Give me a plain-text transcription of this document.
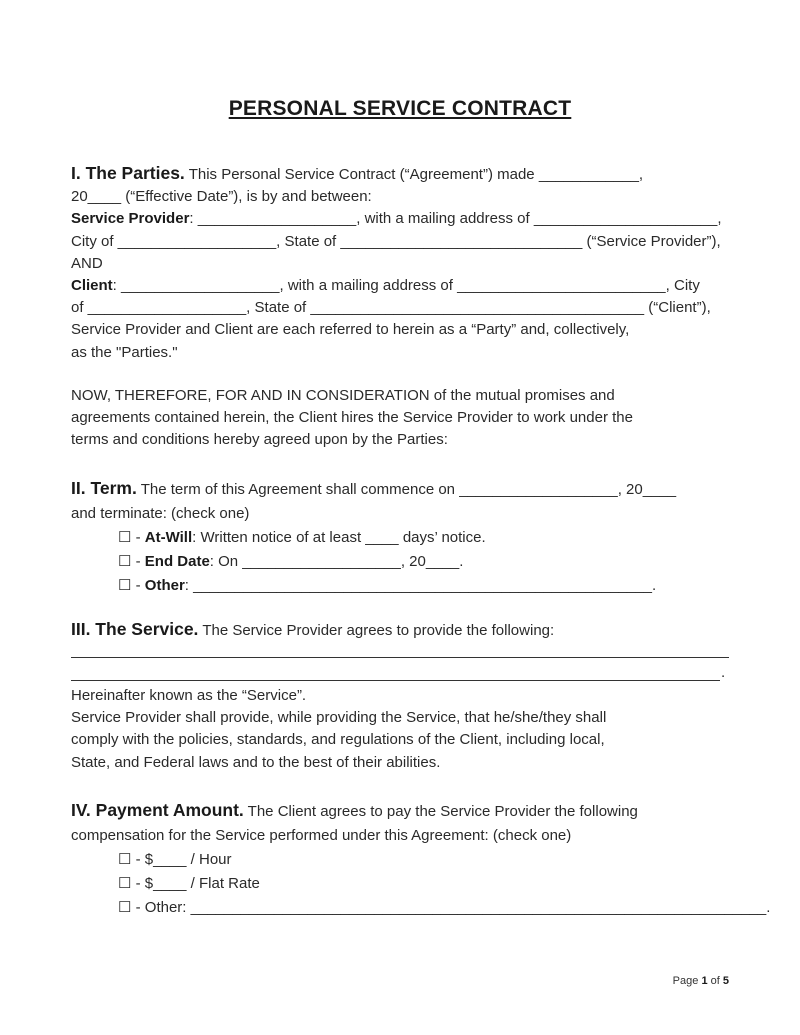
PERSONAL SERVICE CONTRACT
I. The Parties. This Personal Service Contract (“Agreement”) made ____________,
20____ (“Effective Date”), is by and between:
Service Provider: ___________________, with a mailing address of ______________________,
City of ___________________, State of _____________________________ (“Service Provider”),
AND
Client: ___________________, with a mailing address of _________________________, City
of ___________________, State of ________________________________________ (“Client”),
Service Provider and Client are each referred to herein as a “Party” and, collectively,
as the "Parties."
NOW, THEREFORE, FOR AND IN CONSIDERATION of the mutual promises and
agreements contained herein, the Client hires the Service Provider to work under the
terms and conditions hereby agreed upon by the Parties:
II. Term. The term of this Agreement shall commence on ___________________, 20____
and terminate: (check one)
☐ - At-Will: Written notice of at least ____ days’ notice.
☐ - End Date: On ___________________, 20____.
☐ - Other: _______________________________________________________.
III. The Service. The Service Provider agrees to provide the following:
.
Hereinafter known as the “Service”.
Service Provider shall provide, while providing the Service, that he/she/they shall
comply with the policies, standards, and regulations of the Client, including local,
State, and Federal laws and to the best of their abilities.
IV. Payment Amount. The Client agrees to pay the Service Provider the following
compensation for the Service performed under this Agreement: (check one)
☐ - $____ / Hour
☐ - $____ / Flat Rate
☐ - Other: _____________________________________________________________________.
Page 1 of 5
